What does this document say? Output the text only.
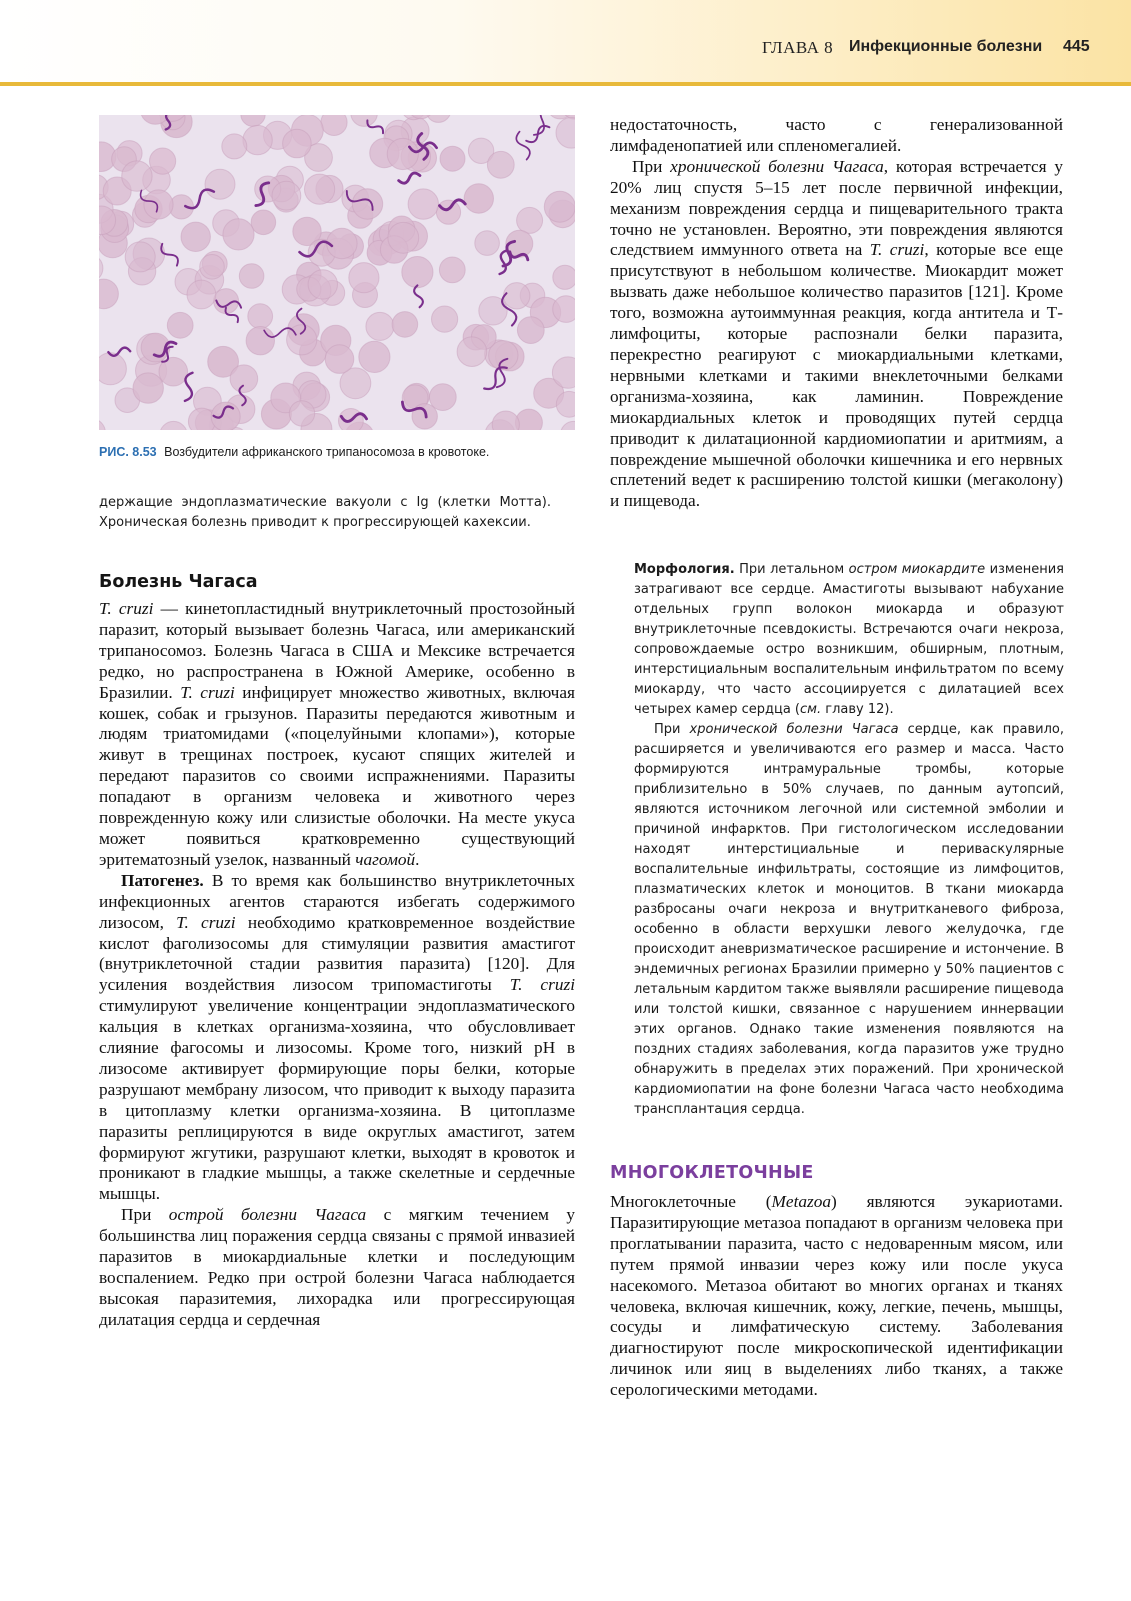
ГЛАВА 8 Инфекционные болезни 445
РИС. 8.53 Возбудители африканского трипаносомоза в кровотоке.

держащие эндоплазматические вакуоли с Ig (клетки Мотта). Хроническая болезнь приводит к прогрессирующей кахексии.

Болезнь Чагаса

T. cruzi — кинетопластидный внутриклеточный простозойный паразит, который вызывает болезнь Чагаса, или американский трипаносомоз. Болезнь Чагаса в США и Мексике встречается редко, но распространена в Южной Америке, особенно в Бразилии. T. cruzi инфицирует множество животных, включая кошек, собак и грызунов. Паразиты передаются животным и людям триатомидами («поцелуйными клопами»), которые живут в трещинах построек, кусают спящих жителей и передают паразитов со своими испражнениями. Паразиты попадают в организм человека и животного через поврежденную кожу или слизистые оболочки. На месте укуса может появиться кратковременно существующий эритематозный узелок, названный чагомой.

Патогенез. В то время как большинство внутриклеточных инфекционных агентов стараются избегать содержимого лизосом, T. cruzi необходимо кратковременное воздействие кислот фаголизосомы для стимуляции развития амастигот (внутриклеточной стадии развития паразита) [120]. Для усиления воздействия лизосом трипомастиготы T. cruzi стимулируют увеличение концентрации эндоплазматического кальция в клетках организма-хозяина, что обусловливает слияние фагосомы и лизосомы. Кроме того, низкий pH в лизосоме активирует формирующие поры белки, которые разрушают мембрану лизосом, что приводит к выходу паразита в цитоплазму клетки организма-хозяина. В цитоплазме паразиты реплицируются в виде округлых амастигот, затем формируют жгутики, разрушают клетки, выходят в кровоток и проникают в гладкие мышцы, а также скелетные и сердечные мышцы.

При острой болезни Чагаса с мягким течением у большинства лиц поражения сердца связаны с прямой инвазией паразитов в миокардиальные клетки и последующим воспалением. Редко при острой болезни Чагаса наблюдается высокая паразитемия, лихорадка или прогрессирующая дилатация сердца и сердечная

недостаточность, часто с генерализованной лимфаденопатией или спленомегалией.

При хронической болезни Чагаса, которая встречается у 20% лиц спустя 5–15 лет после первичной инфекции, механизм повреждения сердца и пищеварительного тракта точно не установлен. Вероятно, эти повреждения являются следствием иммунного ответа на T. cruzi, которые все еще присутствуют в небольшом количестве. Миокардит может вызвать даже небольшое количество паразитов [121]. Кроме того, возможна аутоиммунная реакция, когда антитела и Т-лимфоциты, которые распознали белки паразита, перекрестно реагируют с миокардиальными клетками, нервными клетками и такими внеклеточными белками организма-хозяина, как ламинин. Повреждение миокардиальных клеток и проводящих путей сердца приводит к дилатационной кардиомиопатии и аритмиям, а повреждение мышечной оболочки кишечника и его нервных сплетений ведет к расширению толстой кишки (мегаколону) и пищевода.

Морфология. При летальном остром миокардите изменения затрагивают все сердце. Амастиготы вызывают набухание отдельных групп волокон миокарда и образуют внутриклеточные псевдокисты. Встречаются очаги некроза, сопровождаемые остро возникшим, обширным, плотным, интерстициальным воспалительным инфильтратом по всему миокарду, что часто ассоциируется с дилатацией всех четырех камер сердца (см. главу 12).

При хронической болезни Чагаса сердце, как правило, расширяется и увеличиваются его размер и масса. Часто формируются интрамуральные тромбы, которые приблизительно в 50% случаев, по данным аутопсий, являются источником легочной или системной эмболии и причиной инфарктов. При гистологическом исследовании находят интерстициальные и периваскулярные воспалительные инфильтраты, состоящие из лимфоцитов, плазматических клеток и моноцитов. В ткани миокарда разбросаны очаги некроза и внутритканевого фиброза, особенно в области верхушки левого желудочка, где происходит аневризматическое расширение и истончение. В эндемичных регионах Бразилии примерно у 50% пациентов с летальным кардитом также выявляли расширение пищевода или толстой кишки, связанное с нарушением иннервации этих органов. Однако такие изменения появляются на поздних стадиях заболевания, когда паразитов уже трудно обнаружить в пределах этих поражений. При хронической кардиомиопатии на фоне болезни Чагаса часто необходима трансплантация сердца.

МНОГОКЛЕТОЧНЫЕ

Многоклеточные (Metazoa) являются эукариотами. Паразитирующие метазоа попадают в организм человека при проглатывании паразита, часто с недоваренным мясом, или путем прямой инвазии через кожу или после укуса насекомого. Метазоа обитают во многих органах и тканях человека, включая кишечник, кожу, легкие, печень, мышцы, сосуды и лимфатическую систему. Заболевания диагностируют после микроскопической идентификации личинок или яиц в выделениях либо тканях, а также серологическими методами.
